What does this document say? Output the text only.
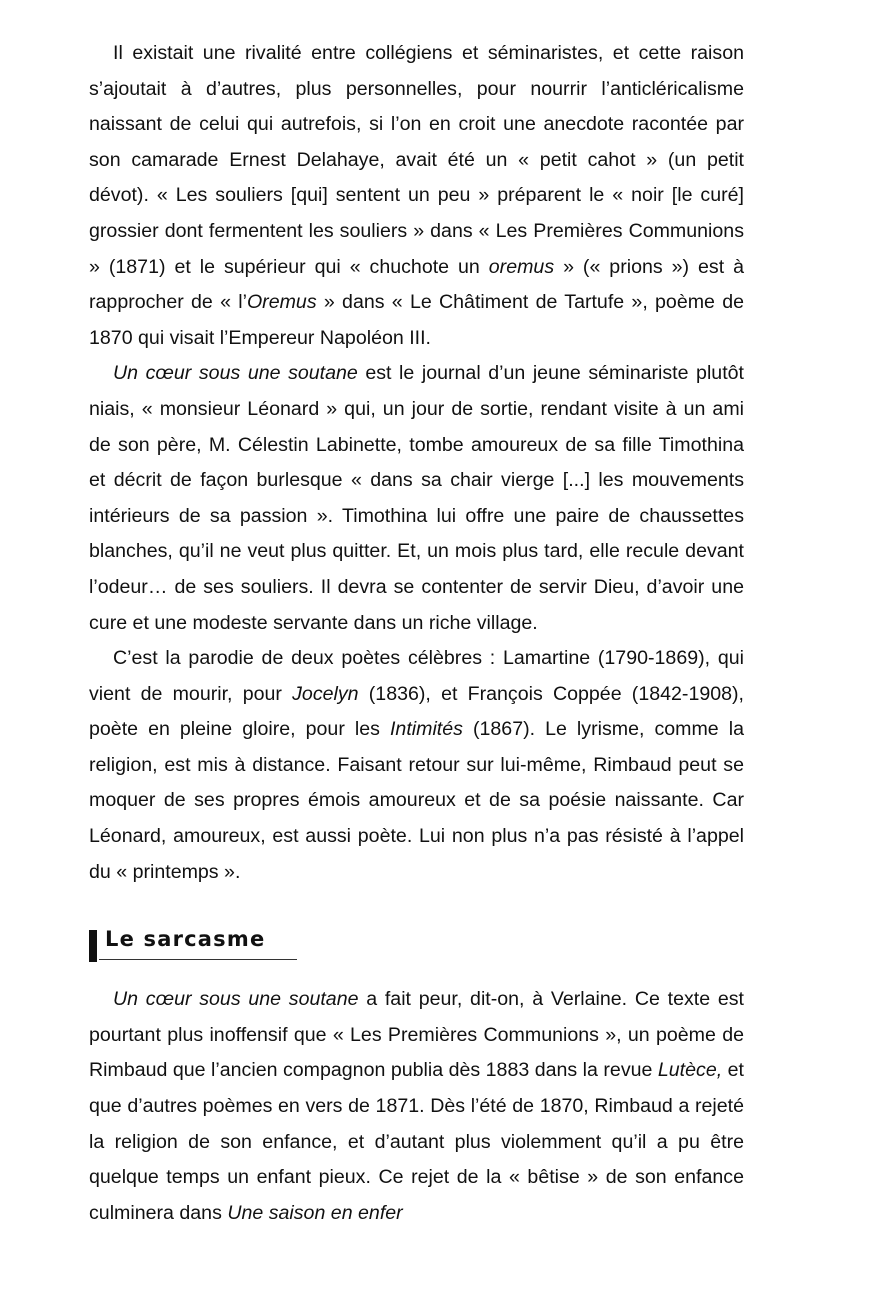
Il existait une rivalité entre collégiens et séminaristes, et cette raison s’ajoutait à d’autres, plus personnelles, pour nourrir l’anticléricalisme naissant de celui qui autrefois, si l’on en croit une anecdote racontée par son camarade Ernest Delahaye, avait été un « petit cahot » (un petit dévot). « Les souliers [qui] sentent un peu » préparent le « noir [le curé] grossier dont fermentent les souliers » dans « Les Premières Communions » (1871) et le supérieur qui « chuchote un oremus » (« prions ») est à rapprocher de « l’Oremus » dans « Le Châtiment de Tartufe », poème de 1870 qui visait l’Empereur Napoléon III.

Un cœur sous une soutane est le journal d’un jeune séminariste plutôt niais, « monsieur Léonard » qui, un jour de sortie, rendant visite à un ami de son père, M. Célestin Labinette, tombe amoureux de sa fille Timothina et décrit de façon burlesque « dans sa chair vierge [...] les mouvements intérieurs de sa passion ». Timothina lui offre une paire de chaussettes blanches, qu’il ne veut plus quitter. Et, un mois plus tard, elle recule devant l’odeur… de ses souliers. Il devra se contenter de servir Dieu, d’avoir une cure et une modeste servante dans un riche village.

C’est la parodie de deux poètes célèbres : Lamartine (1790-1869), qui vient de mourir, pour Jocelyn (1836), et François Coppée (1842-1908), poète en pleine gloire, pour les Intimités (1867). Le lyrisme, comme la religion, est mis à distance. Faisant retour sur lui-même, Rimbaud peut se moquer de ses propres émois amoureux et de sa poésie naissante. Car Léonard, amoureux, est aussi poète. Lui non plus n’a pas résisté à l’appel du « printemps ».

Le sarcasme

Un cœur sous une soutane a fait peur, dit-on, à Verlaine. Ce texte est pourtant plus inoffensif que « Les Premières Communions », un poème de Rimbaud que l’ancien compagnon publia dès 1883 dans la revue Lutèce, et que d’autres poèmes en vers de 1871. Dès l’été de 1870, Rimbaud a rejeté la religion de son enfance, et d’autant plus violemment qu’il a pu être quelque temps un enfant pieux. Ce rejet de la « bêtise » de son enfance culminera dans Une saison en enfer
